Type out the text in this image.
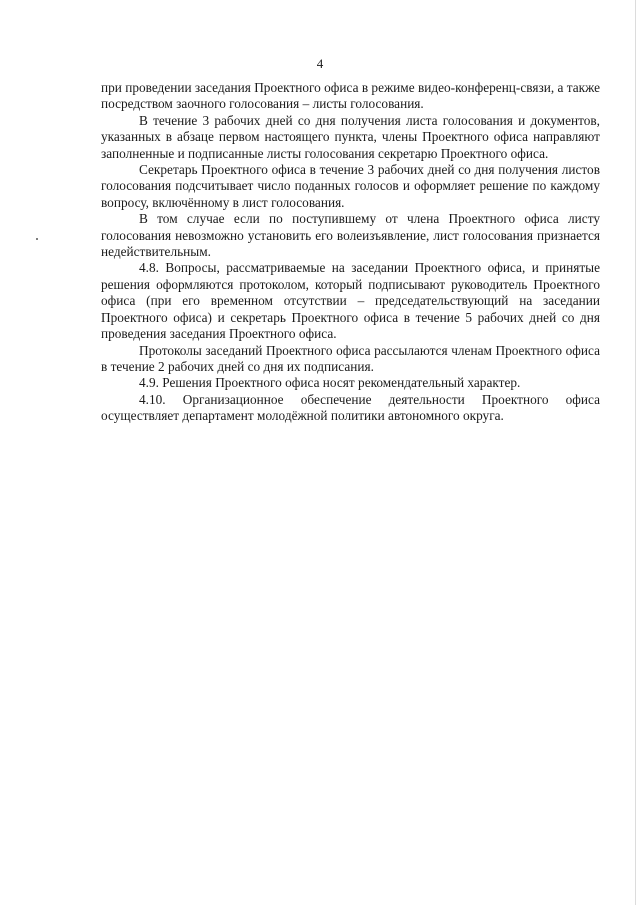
4

при проведении заседания Проектного офиса в режиме видео-конференц-связи, а также посредством заочного голосования – листы голосования.

В течение 3 рабочих дней со дня получения листа голосования и документов, указанных в абзаце первом настоящего пункта, члены Проектного офиса направляют заполненные и подписанные листы голосования секретарю Проектного офиса.

Секретарь Проектного офиса в течение 3 рабочих дней со дня получения листов голосования подсчитывает число поданных голосов и оформляет решение по каждому вопросу, включённому в лист голосования.

В том случае если по поступившему от члена Проектного офиса листу голосования невозможно установить его волеизъявление, лист голосования признается недействительным.

4.8. Вопросы, рассматриваемые на заседании Проектного офиса, и принятые решения оформляются протоколом, который подписывают руководитель Проектного офиса (при его временном отсутствии – председательствующий на заседании Проектного офиса) и секретарь Проектного офиса в течение 5 рабочих дней со дня проведения заседания Проектного офиса.

Протоколы заседаний Проектного офиса рассылаются членам Проектного офиса в течение 2 рабочих дней со дня их подписания.

4.9. Решения Проектного офиса носят рекомендательный характер.

4.10. Организационное обеспечение деятельности Проектного офиса осуществляет департамент молодёжной политики автономного округа.
